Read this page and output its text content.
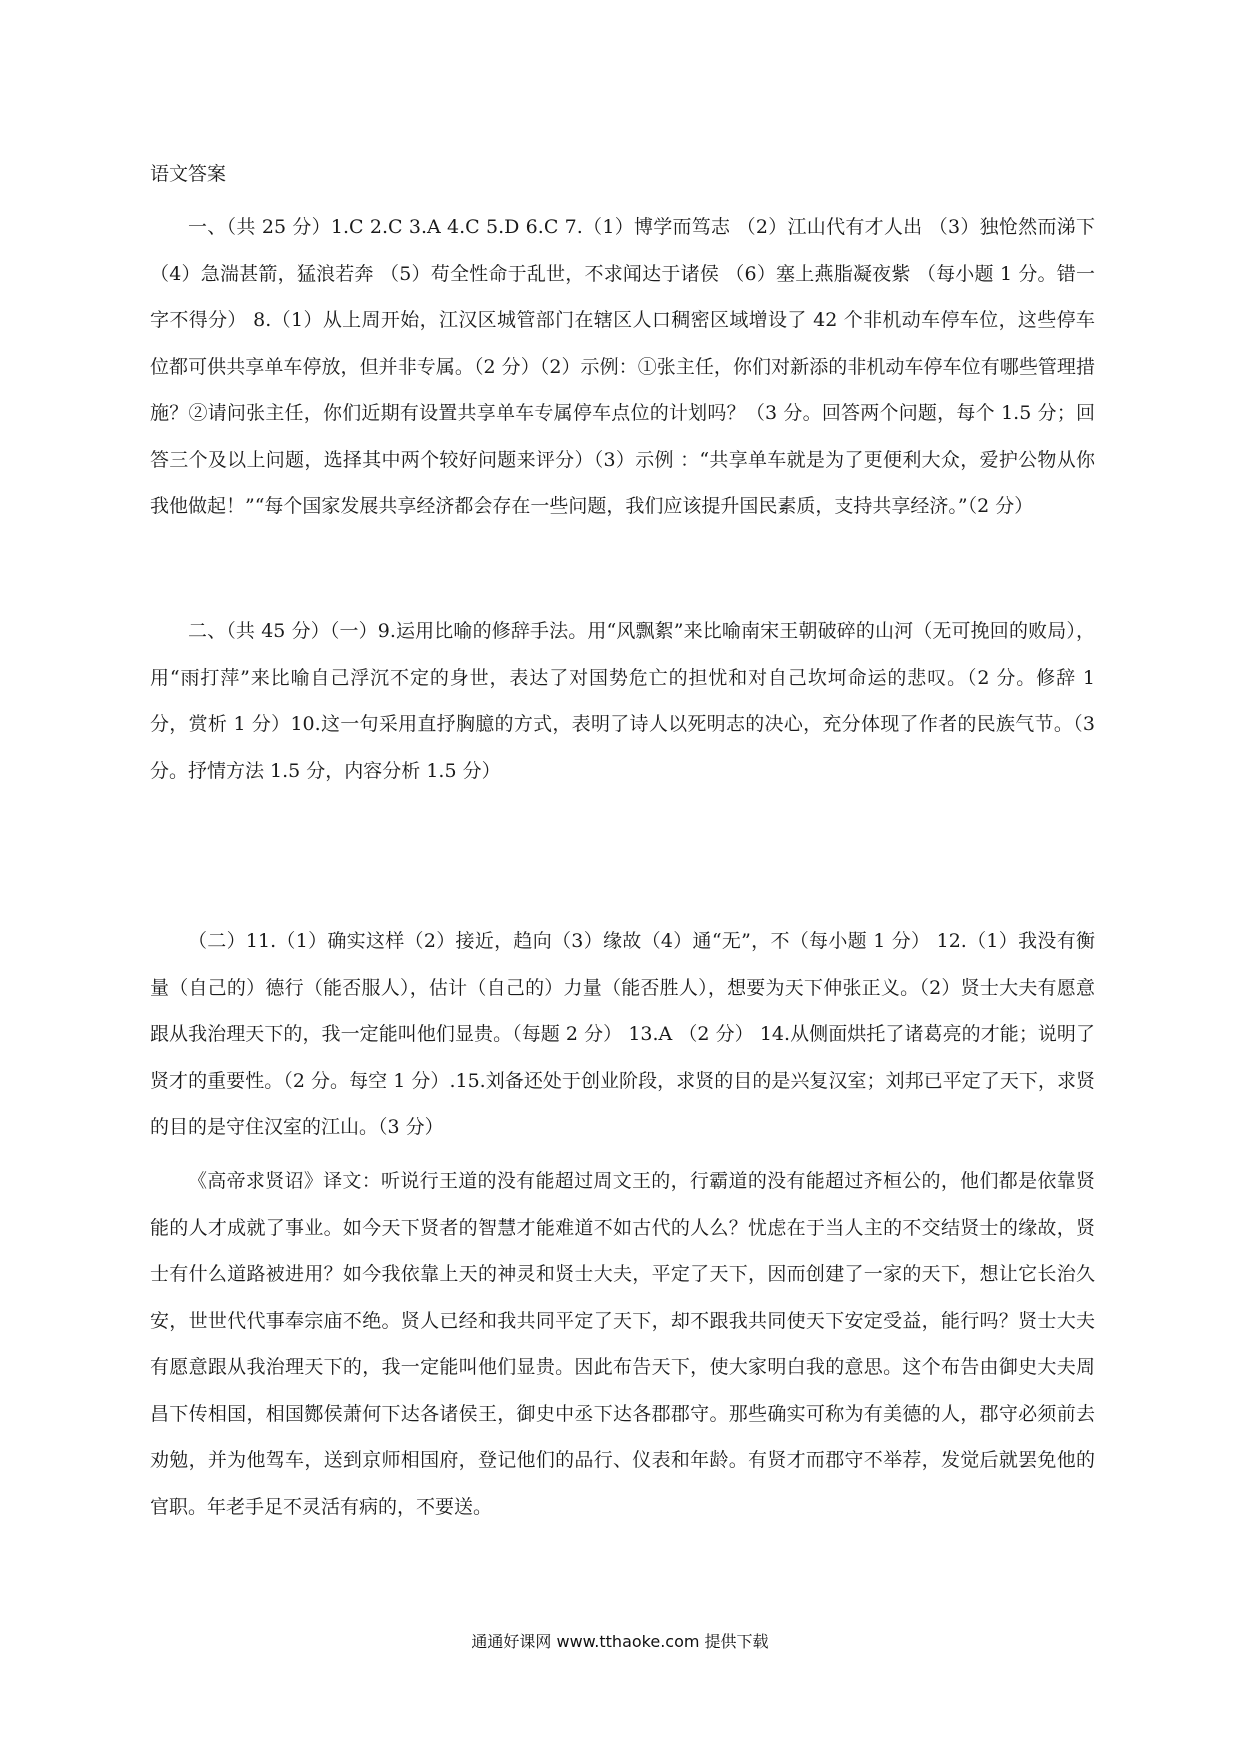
语文答案

一、（共 25 分）1.C 2.C 3.A 4.C 5.D 6.C 7.（1）博学而笃志 （2）江山代有才人出 （3）独怆然而涕下 （4）急湍甚箭，猛浪若奔 （5）苟全性命于乱世，不求闻达于诸侯 （6）塞上燕脂凝夜紫 （每小题 1 分。错一字不得分） 8.（1）从上周开始，江汉区城管部门在辖区人口稠密区域增设了 42 个非机动车停车位，这些停车位都可供共享单车停放，但并非专属。（2 分）（2）示例：①张主任，你们对新添的非机动车停车位有哪些管理措施？②请问张主任，你们近期有设置共享单车专属停车点位的计划吗？（3 分。回答两个问题，每个 1.5 分；回答三个及以上问题，选择其中两个较好问题来评分）（3）示例 ：“共享单车就是为了更便利大众，爱护公物从你我他做起！”“每个国家发展共享经济都会存在一些问题，我们应该提升国民素质，支持共享经济。”（2 分）

二、（共 45 分）（一）9.运用比喻的修辞手法。用“风飘絮”来比喻南宋王朝破碎的山河（无可挽回的败局），用“雨打萍”来比喻自己浮沉不定的身世，表达了对国势危亡的担忧和对自己坎坷命运的悲叹。（2 分。修辞 1 分，赏析 1 分）10.这一句采用直抒胸臆的方式，表明了诗人以死明志的决心，充分体现了作者的民族气节。（3 分。抒情方法 1.5 分，内容分析 1.5 分）

（二）11.（1）确实这样（2）接近，趋向（3）缘故（4）通“无”，不（每小题 1 分） 12.（1）我没有衡量（自己的）德行（能否服人），估计（自己的）力量（能否胜人），想要为天下伸张正义。（2）贤士大夫有愿意跟从我治理天下的，我一定能叫他们显贵。（每题 2 分） 13.A （2 分） 14.从侧面烘托了诸葛亮的才能；说明了贤才的重要性。（2 分。每空 1 分）.15.刘备还处于创业阶段，求贤的目的是兴复汉室；刘邦已平定了天下，求贤的目的是守住汉室的江山。（3 分）

《高帝求贤诏》译文：听说行王道的没有能超过周文王的，行霸道的没有能超过齐桓公的，他们都是依靠贤能的人才成就了事业。如今天下贤者的智慧才能难道不如古代的人么？忧虑在于当人主的不交结贤士的缘故，贤士有什么道路被进用？如今我依靠上天的神灵和贤士大夫，平定了天下，因而创建了一家的天下，想让它长治久安，世世代代事奉宗庙不绝。贤人已经和我共同平定了天下，却不跟我共同使天下安定受益，能行吗？贤士大夫有愿意跟从我治理天下的，我一定能叫他们显贵。因此布告天下，使大家明白我的意思。这个布告由御史大夫周昌下传相国，相国酂侯萧何下达各诸侯王，御史中丞下达各郡郡守。那些确实可称为有美德的人，郡守必须前去劝勉，并为他驾车，送到京师相国府，登记他们的品行、仪表和年龄。有贤才而郡守不举荐，发觉后就罢免他的官职。年老手足不灵活有病的，不要送。

通通好课网 www.tthaoke.com 提供下载
